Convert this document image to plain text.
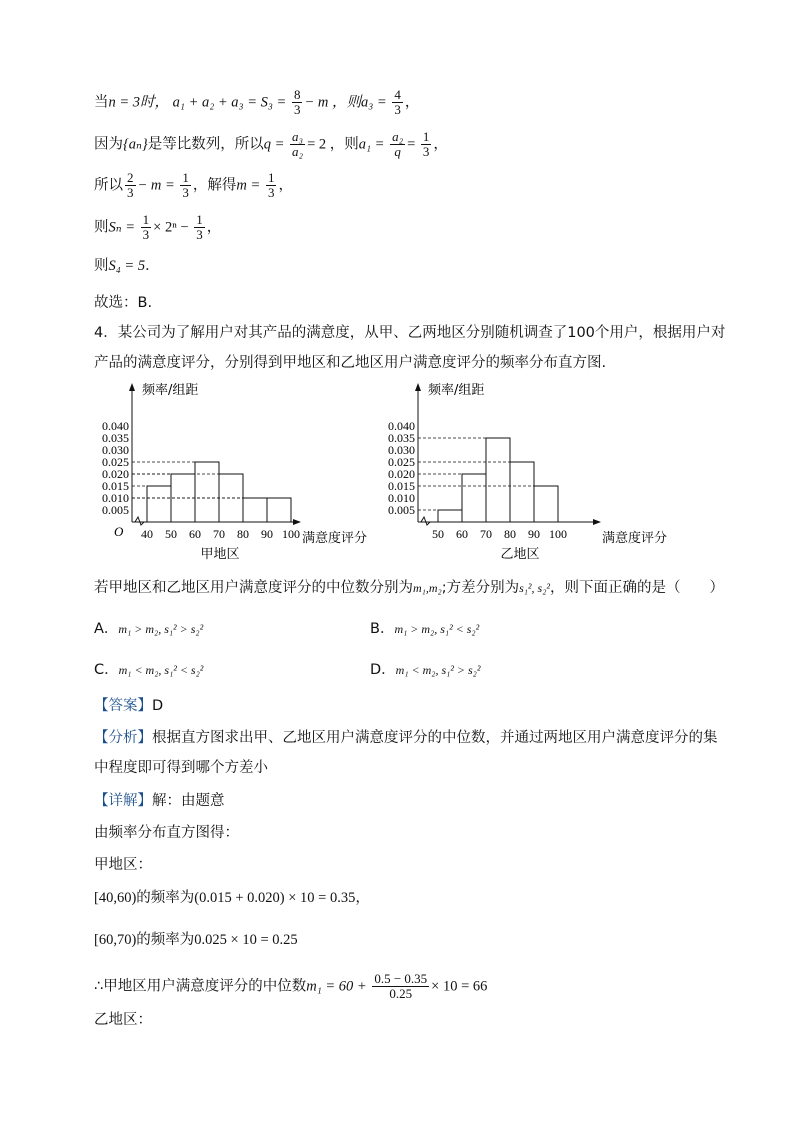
当n = 3时， $a_1 + a_2 + a_3 = S_3 = \frac{8}{3} - m$ ，则$a_3 = \frac{4}{3}$ ，
因为{aₙ}是等比数列，所以$q = \frac{\text{a₃}}{\text{a₂}} = 2$ ，则$a_1 = \frac{\text{a₂}}{q} = \frac{1}{3}$ ，
所以 $\frac{2}{3} - m = \frac{1}{3}$ ，解得$m = \frac{1}{3}$ ，
则$S_n = \frac{1}{3} \times 2^n - \frac{1}{3}$ ，
则S₄ = 5．
故选：B.
4．某公司为了解用户对其产品的满意度，从甲、乙两地区分别随机调查了100个用户，根据用户对
产品的满意度评分，分别得到甲地区和乙地区用户满意度评分的频率分布直方图.
频率/组距
0.005
0.010
0.015
0.020
0.025
0.030
0.035
0.040
40 50 60 70 80 90 100 满意度评分
O
甲地区
频率/组距
0.005
0.010
0.015
0.020
0.025
0.030
0.035
0.040
50 60 70 80 90 100	满意度评分
乙地区
若甲地区和乙地区用户满意度评分的中位数分别为m₁,m₂;方差分别为s₁², s₂²，则下面正确的是（　　）
A．m₁ > m₂, s₁² > s₂²	B．m₁ > m₂, s₁² < s₂²
C．m₁ < m₂, s₁² < s₂²	D．m₁ < m₂, s₁² > s₂²
【答案】D
【分析】根据直方图求出甲、乙地区用户满意度评分的中位数，并通过两地区用户满意度评分的集
中程度即可得到哪个方差小
【详解】解：由题意
由频率分布直方图得：
甲地区：
[40,60)的频率为(0.015 + 0.020) × 10 = 0.35，
[60,70)的频率为0.025 × 10 = 0.25
∴甲地区用户满意度评分的中位数$m_1 = 60 + \frac{0.5 - 0.35}{0.25} \times 10 = 66$
乙地区：
